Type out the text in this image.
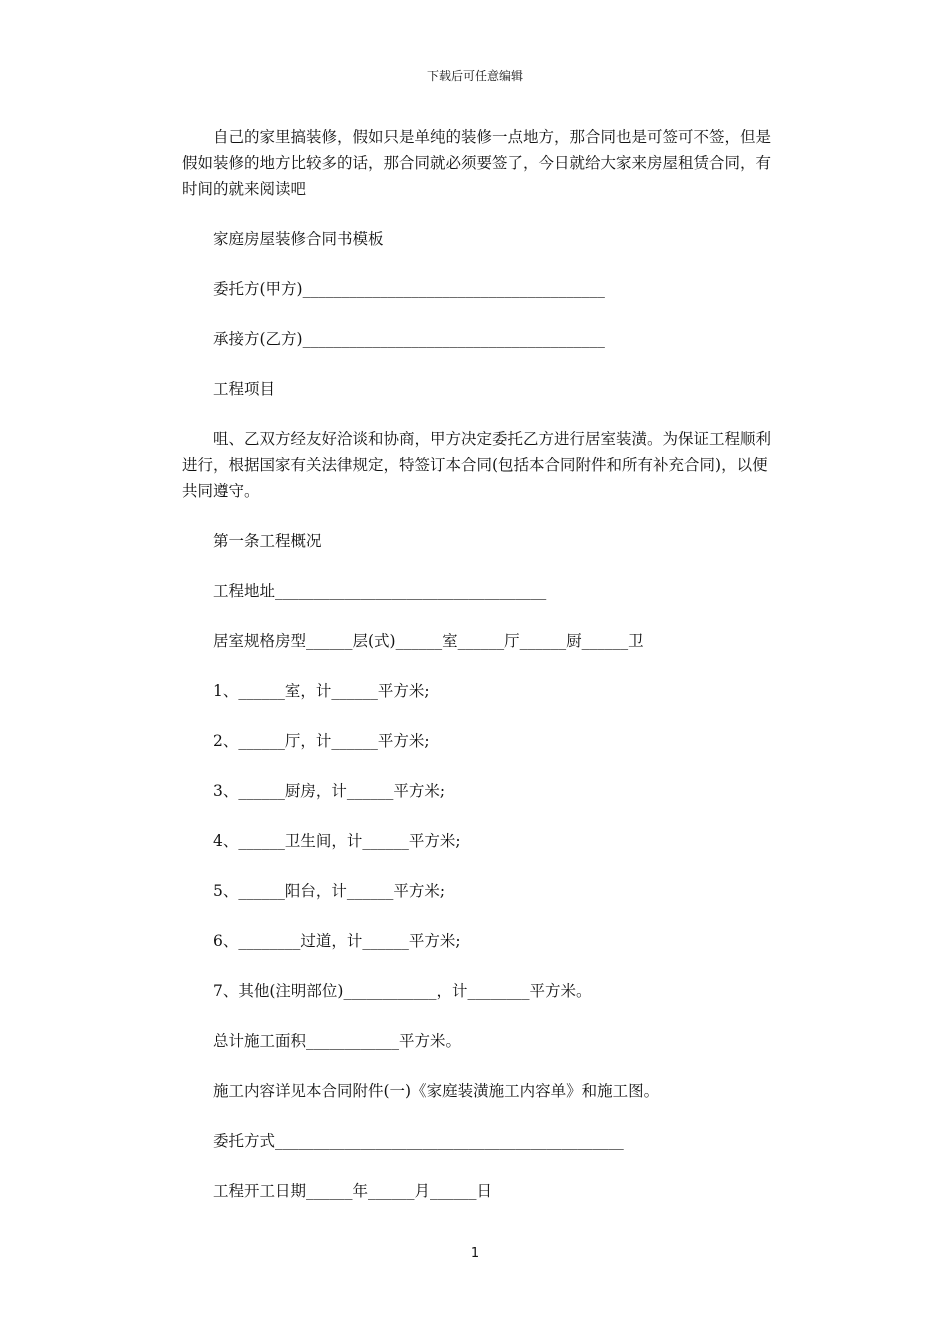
下载后可任意编辑

自己的家里搞装修，假如只是单纯的装修一点地方，那合同也是可签可不签，但是假如装修的地方比较多的话，那合同就必须要签了，今日就给大家来房屋租赁合同，有时间的就来阅读吧

家庭房屋装修合同书模板

委托方(甲方)_______________________________________

承接方(乙方)_______________________________________

工程项目

咀、乙双方经友好洽谈和协商，甲方决定委托乙方进行居室装潢。为保证工程顺利进行，根据国家有关法律规定，特签订本合同(包括本合同附件和所有补充合同)，以便共同遵守。

第一条工程概况

工程地址___________________________________

居室规格房型______层(式)______室______厅______厨______卫

1、______室，计______平方米;

2、______厅，计______平方米;

3、______厨房，计______平方米;

4、______卫生间，计______平方米;

5、______阳台，计______平方米;

6、________过道，计______平方米;

7、其他(注明部位)____________，计________平方米。

总计施工面积____________平方米。

施工内容详见本合同附件(一)《家庭装潢施工内容单》和施工图。

委托方式_____________________________________________

工程开工日期______年______月______日

1
